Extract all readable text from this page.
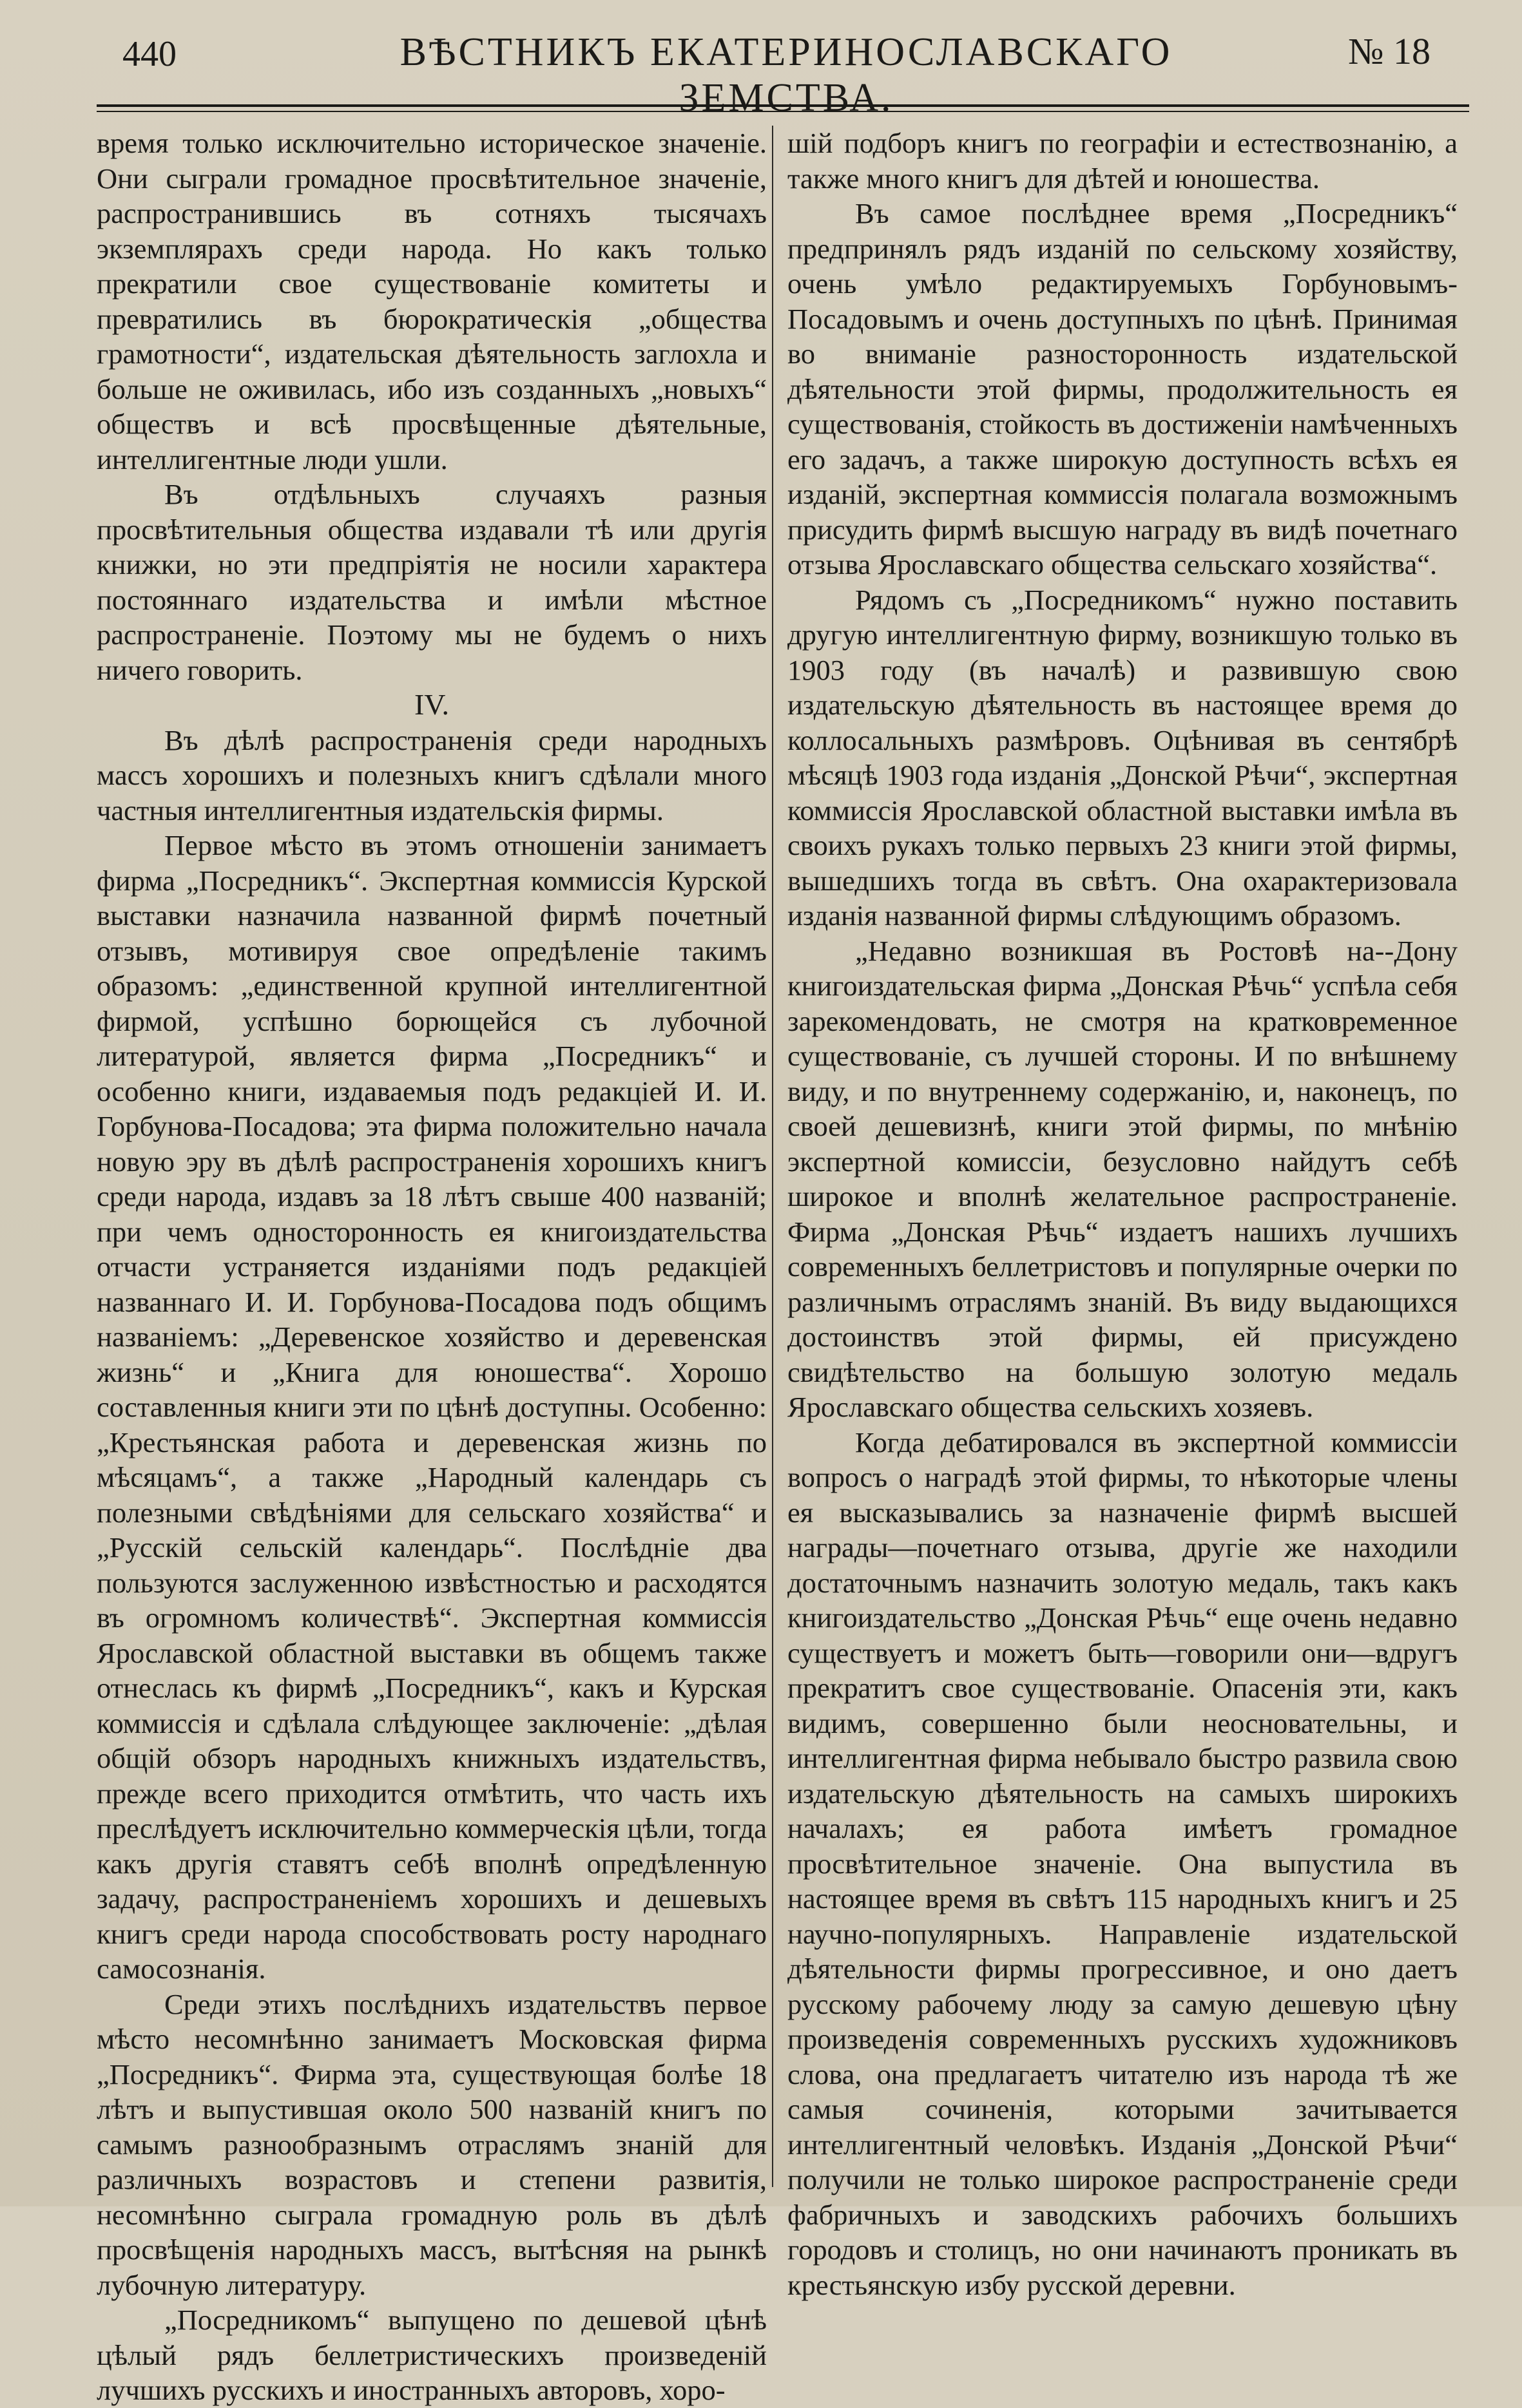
440	ВѢСТНИКЪ ЕКАТЕРИНОСЛАВСКАГО ЗЕМСТВА.
№ 18

время только исключительно историческое значеніе. Они сыграли громадное просвѣтительное значеніе, распространившись въ сотняхъ тысячахъ экземплярахъ среди народа. Но какъ только прекратили свое существованіе комитеты и превратились въ бюрократическія „общества грамотности“, издательская дѣятельность заглохла и больше не оживилась, ибо изъ созданныхъ „новыхъ“ обществъ и всѣ просвѣщенные дѣятельные, интеллигентные люди ушли.

Въ отдѣльныхъ случаяхъ разныя просвѣтительныя общества издавали тѣ или другія книжки, но эти предпріятія не носили характера постояннаго издательства и имѣли мѣстное распространеніе. Поэтому мы не будемъ о нихъ ничего говорить.

IV.

Въ дѣлѣ распространенія среди народныхъ массъ хорошихъ и полезныхъ книгъ сдѣлали много частныя интеллигентныя издательскія фирмы.

Первое мѣсто въ этомъ отношеніи занимаетъ фирма „Посредникъ“. Экспертная коммиссія Курской выставки назначила названной фирмѣ почетный отзывъ, мотивируя свое опредѣленіе такимъ образомъ: „единственной крупной интеллигентной фирмой, успѣшно борющейся съ лубочной литературой, является фирма „Посредникъ“ и особенно книги, издаваемыя подъ редакціей И. И. Горбунова-Посадова; эта фирма положительно начала новую эру въ дѣлѣ распространенія хорошихъ книгъ среди народа, издавъ за 18 лѣтъ свыше 400 названій; при чемъ односторонность ея книгоиздательства отчасти устраняется изданіями подъ редакціей названнаго И. И. Горбунова-Посадова подъ общимъ названіемъ: „Деревенское хозяйство и деревенская жизнь“ и „Книга для юношества“. Хорошо составленныя книги эти по цѣнѣ доступны. Особенно: „Крестьянская работа и деревенская жизнь по мѣсяцамъ“, а также „Народный календарь съ полезными свѣдѣніями для сельскаго хозяйства“ и „Русскій сельскій календарь“. Послѣдніе два пользуются заслуженною извѣстностью и расходятся въ огромномъ количествѣ“. Экспертная коммиссія Ярославской областной выставки въ общемъ также отнеслась къ фирмѣ „Посредникъ“, какъ и Курская коммиссія и сдѣлала слѣдующее заключеніе: „дѣлая общій обзоръ народныхъ книжныхъ издательствъ, прежде всего приходится отмѣтить, что часть ихъ преслѣдуетъ исключительно коммерческія цѣли, тогда какъ другія ставятъ себѣ вполнѣ опредѣленную задачу, распространеніемъ хорошихъ и дешевыхъ книгъ среди народа способствовать росту народнаго самосознанія.

Среди этихъ послѣднихъ издательствъ первое мѣсто несомнѣнно занимаетъ Московская фирма „Посредникъ“. Фирма эта, существующая болѣе 18 лѣтъ и выпустившая около 500 названій книгъ по самымъ разнообразнымъ отраслямъ знаній для различныхъ возрастовъ и степени развитія, несомнѣнно сыграла громадную роль въ дѣлѣ просвѣщенія народныхъ массъ, вытѣсняя на рынкѣ лубочную литературу.

„Посредникомъ“ выпущено по дешевой цѣнѣ цѣлый рядъ беллетристическихъ произведеній лучшихъ русскихъ и иностранныхъ авторовъ, хоро-

шій подборъ книгъ по географіи и естествознанію, а также много книгъ для дѣтей и юношества.

Въ самое послѣднее время „Посредникъ“ предпринялъ рядъ изданій по сельскому хозяйству, очень умѣло редактируемыхъ Горбуновымъ-Посадовымъ и очень доступныхъ по цѣнѣ. Принимая во вниманіе разносторонность издательской дѣятельности этой фирмы, продолжительность ея существованія, стойкость въ достиженіи намѣченныхъ его задачъ, а также широкую доступность всѣхъ ея изданій, экспертная коммиссія полагала возможнымъ присудить фирмѣ высшую награду въ видѣ почетнаго отзыва Ярославскаго общества сельскаго хозяйства“.

Рядомъ съ „Посредникомъ“ нужно поставить другую интеллигентную фирму, возникшую только въ 1903 году (въ началѣ) и развившую свою издательскую дѣятельность въ настоящее время до коллосальныхъ размѣровъ. Оцѣнивая въ сентябрѣ мѣсяцѣ 1903 года изданія „Донской Рѣчи“, экспертная коммиссія Ярославской областной выставки имѣла въ своихъ рукахъ только первыхъ 23 книги этой фирмы, вышедшихъ тогда въ свѣтъ. Она охарактеризовала изданія названной фирмы слѣдующимъ образомъ.

„Недавно возникшая въ Ростовѣ на--Дону книгоиздательская фирма „Донская Рѣчь“ успѣла себя зарекомендовать, не смотря на кратковременное существованіе, съ лучшей стороны. И по внѣшнему виду, и по внутреннему содержанію, и, наконецъ, по своей дешевизнѣ, книги этой фирмы, по мнѣнію экспертной комиссіи, безусловно найдутъ себѣ широкое и вполнѣ желательное распространеніе. Фирма „Донская Рѣчь“ издаетъ нашихъ лучшихъ современныхъ беллетристовъ и популярные очерки по различнымъ отраслямъ знаній. Въ виду выдающихся достоинствъ этой фирмы, ей присуждено свидѣтельство на большую золотую медаль Ярославскаго общества сельскихъ хозяевъ.

Когда дебатировался въ экспертной коммиссіи вопросъ о наградѣ этой фирмы, то нѣкоторые члены ея высказывались за назначеніе фирмѣ высшей награды—почетнаго отзыва, другіе же находили достаточнымъ назначить золотую медаль, такъ какъ книгоиздательство „Донская Рѣчь“ еще очень недавно существуетъ и можетъ быть—говорили они—вдругъ прекратитъ свое существованіе. Опасенія эти, какъ видимъ, совершенно были неосновательны, и интеллигентная фирма небывало быстро развила свою издательскую дѣятельность на самыхъ широкихъ началахъ; ея работа имѣетъ громадное просвѣтительное значеніе. Она выпустила въ настоящее время въ свѣтъ 115 народныхъ книгъ и 25 научно-популярныхъ. Направленіе издательской дѣятельности фирмы прогрессивное, и оно даетъ русскому рабочему люду за самую дешевую цѣну произведенія современныхъ русскихъ художниковъ слова, она предлагаетъ читателю изъ народа тѣ же самыя сочиненія, которыми зачитывается интеллигентный человѣкъ. Изданія „Донской Рѣчи“ получили не только широкое распространеніе среди фабричныхъ и заводскихъ рабочихъ большихъ городовъ и столицъ, но они начинаютъ проникать въ крестьянскую избу русской деревни.
